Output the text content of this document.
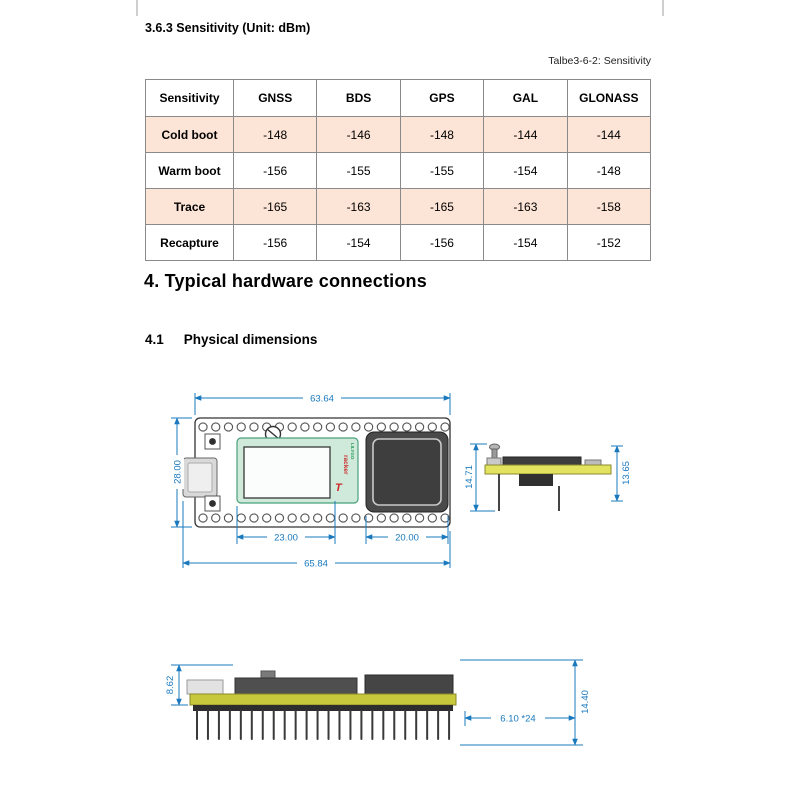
3.6.3 Sensitivity (Unit: dBm)
Talbe3-6-2: Sensitivity
Sensitivity	GNSS	BDS	GPS	GAL	GLONASS
Cold boot	-148	-146	-148	-144	-144
Warm boot	-156	-155	-155	-154	-148
Trace	-165	-163	-165	-163	-158
Recapture	-156	-154	-156	-154	-152
4. Typical hardware connections
4.1 Physical dimensions
LILYGO
racker
T
63.64
28.00
65.84
23.00	20.00
14.71	13.65
8.62
14.40
6.10 *24
